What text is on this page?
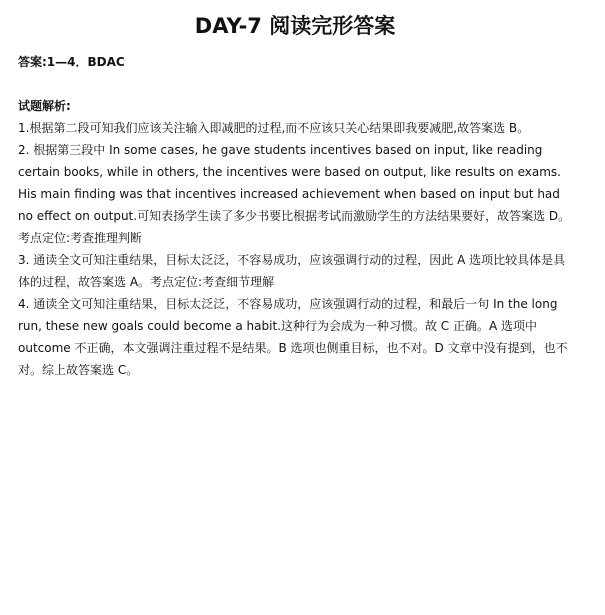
DAY-7 阅读完形答案

答案:1—4．BDAC

试题解析:

1.根据第二段可知我们应该关注输入即减肥的过程,而不应该只关心结果即我要减肥,故答案选 B。

2. 根据第三段中 In some cases, he gave students incentives based on input, like reading certain books, while in others, the incentives were based on output, like results on exams. His main finding was that incentives increased achievement when based on input but had no effect on output.可知表扬学生读了多少书要比根据考试而激励学生的方法结果要好，故答案选 D。考点定位:考查推理判断

3. 通读全文可知注重结果，目标太泛泛，不容易成功，应该强调行动的过程，因此 A 选项比较具体是具体的过程，故答案选 A。考点定位:考查细节理解

4. 通读全文可知注重结果，目标太泛泛，不容易成功，应该强调行动的过程，和最后一句 In the long run, these new goals could become a habit.这种行为会成为一种习惯。故 C 正确。A 选项中 outcome 不正确，本文强调注重过程不是结果。B 选项也侧重目标，也不对。D 文章中没有提到，也不对。综上故答案选 C。
